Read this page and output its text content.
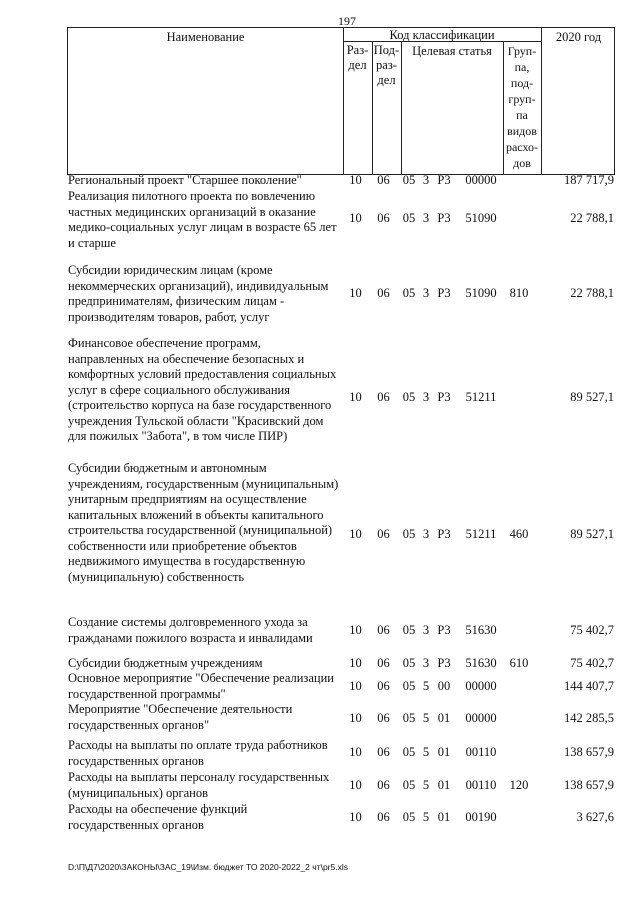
197
Наименование	Код классификации	2020 год
Раз-
дел
Под-
раз-
дел
Целевая статья	Груп-
па,
под-
груп-
па
видов
расхо-
дов
Региональный проект "Старшее поколение"	10	06	05 3 P3	00000	187 717,9
Реализация пилотного проекта по вовлечению частных медицинских организаций в оказание медико-социальных услуг лицам в возрасте 65 лет и старше
10	06	05 3 P3	51090	22 788,1
Субсидии юридическим лицам (кроме некоммерческих организаций), индивидуальным предпринимателям, физическим лицам - производителям товаров, работ, услуг
10	06	05 3 P3	51090	810	22 788,1
Финансовое обеспечение программ, направленных на обеспечение безопасных и комфортных условий предоставления социальных услуг в сфере социального обслуживания (строительство корпуса на базе государственного учреждения Тульской области "Красивский дом для пожилых "Забота", в том числе ПИР)
10	06	05 3 P3	51211	89 527,1
Субсидии бюджетным и автономным учреждениям, государственным (муниципальным) унитарным предприятиям на осуществление капитальных вложений в объекты капитального строительства государственной (муниципальной) собственности или приобретение объектов недвижимого имущества в государственную (муниципальную) собственность
10	06	05 3 P3	51211	460	89 527,1
Создание системы долговременного ухода за гражданами пожилого возраста и инвалидами
10	06	05 3 P3	51630	75 402,7
Субсидии бюджетным учреждениям	10	06	05 3 P3	51630	610	75 402,7
Основное мероприятие "Обеспечение реализации государственной программы"
10	06	05 5 00	00000	144 407,7
Мероприятие "Обеспечение деятельности государственных органов"	10	06	05 5 01	00000	142 285,5
Расходы на выплаты по оплате труда работников государственных органов
10	06	05 5 01	00110	138 657,9
Расходы на выплаты персоналу государственных (муниципальных) органов
10	06	05 5 01	00110	120	138 657,9
Расходы на обеспечение функций государственных органов
10	06	05 5 01	00190	3 627,6
D:\П\Д7\2020\ЗАКОНЫ\ЗАС_19\Изм. бюджет ТО 2020-2022_2 чт\pr5.xls
